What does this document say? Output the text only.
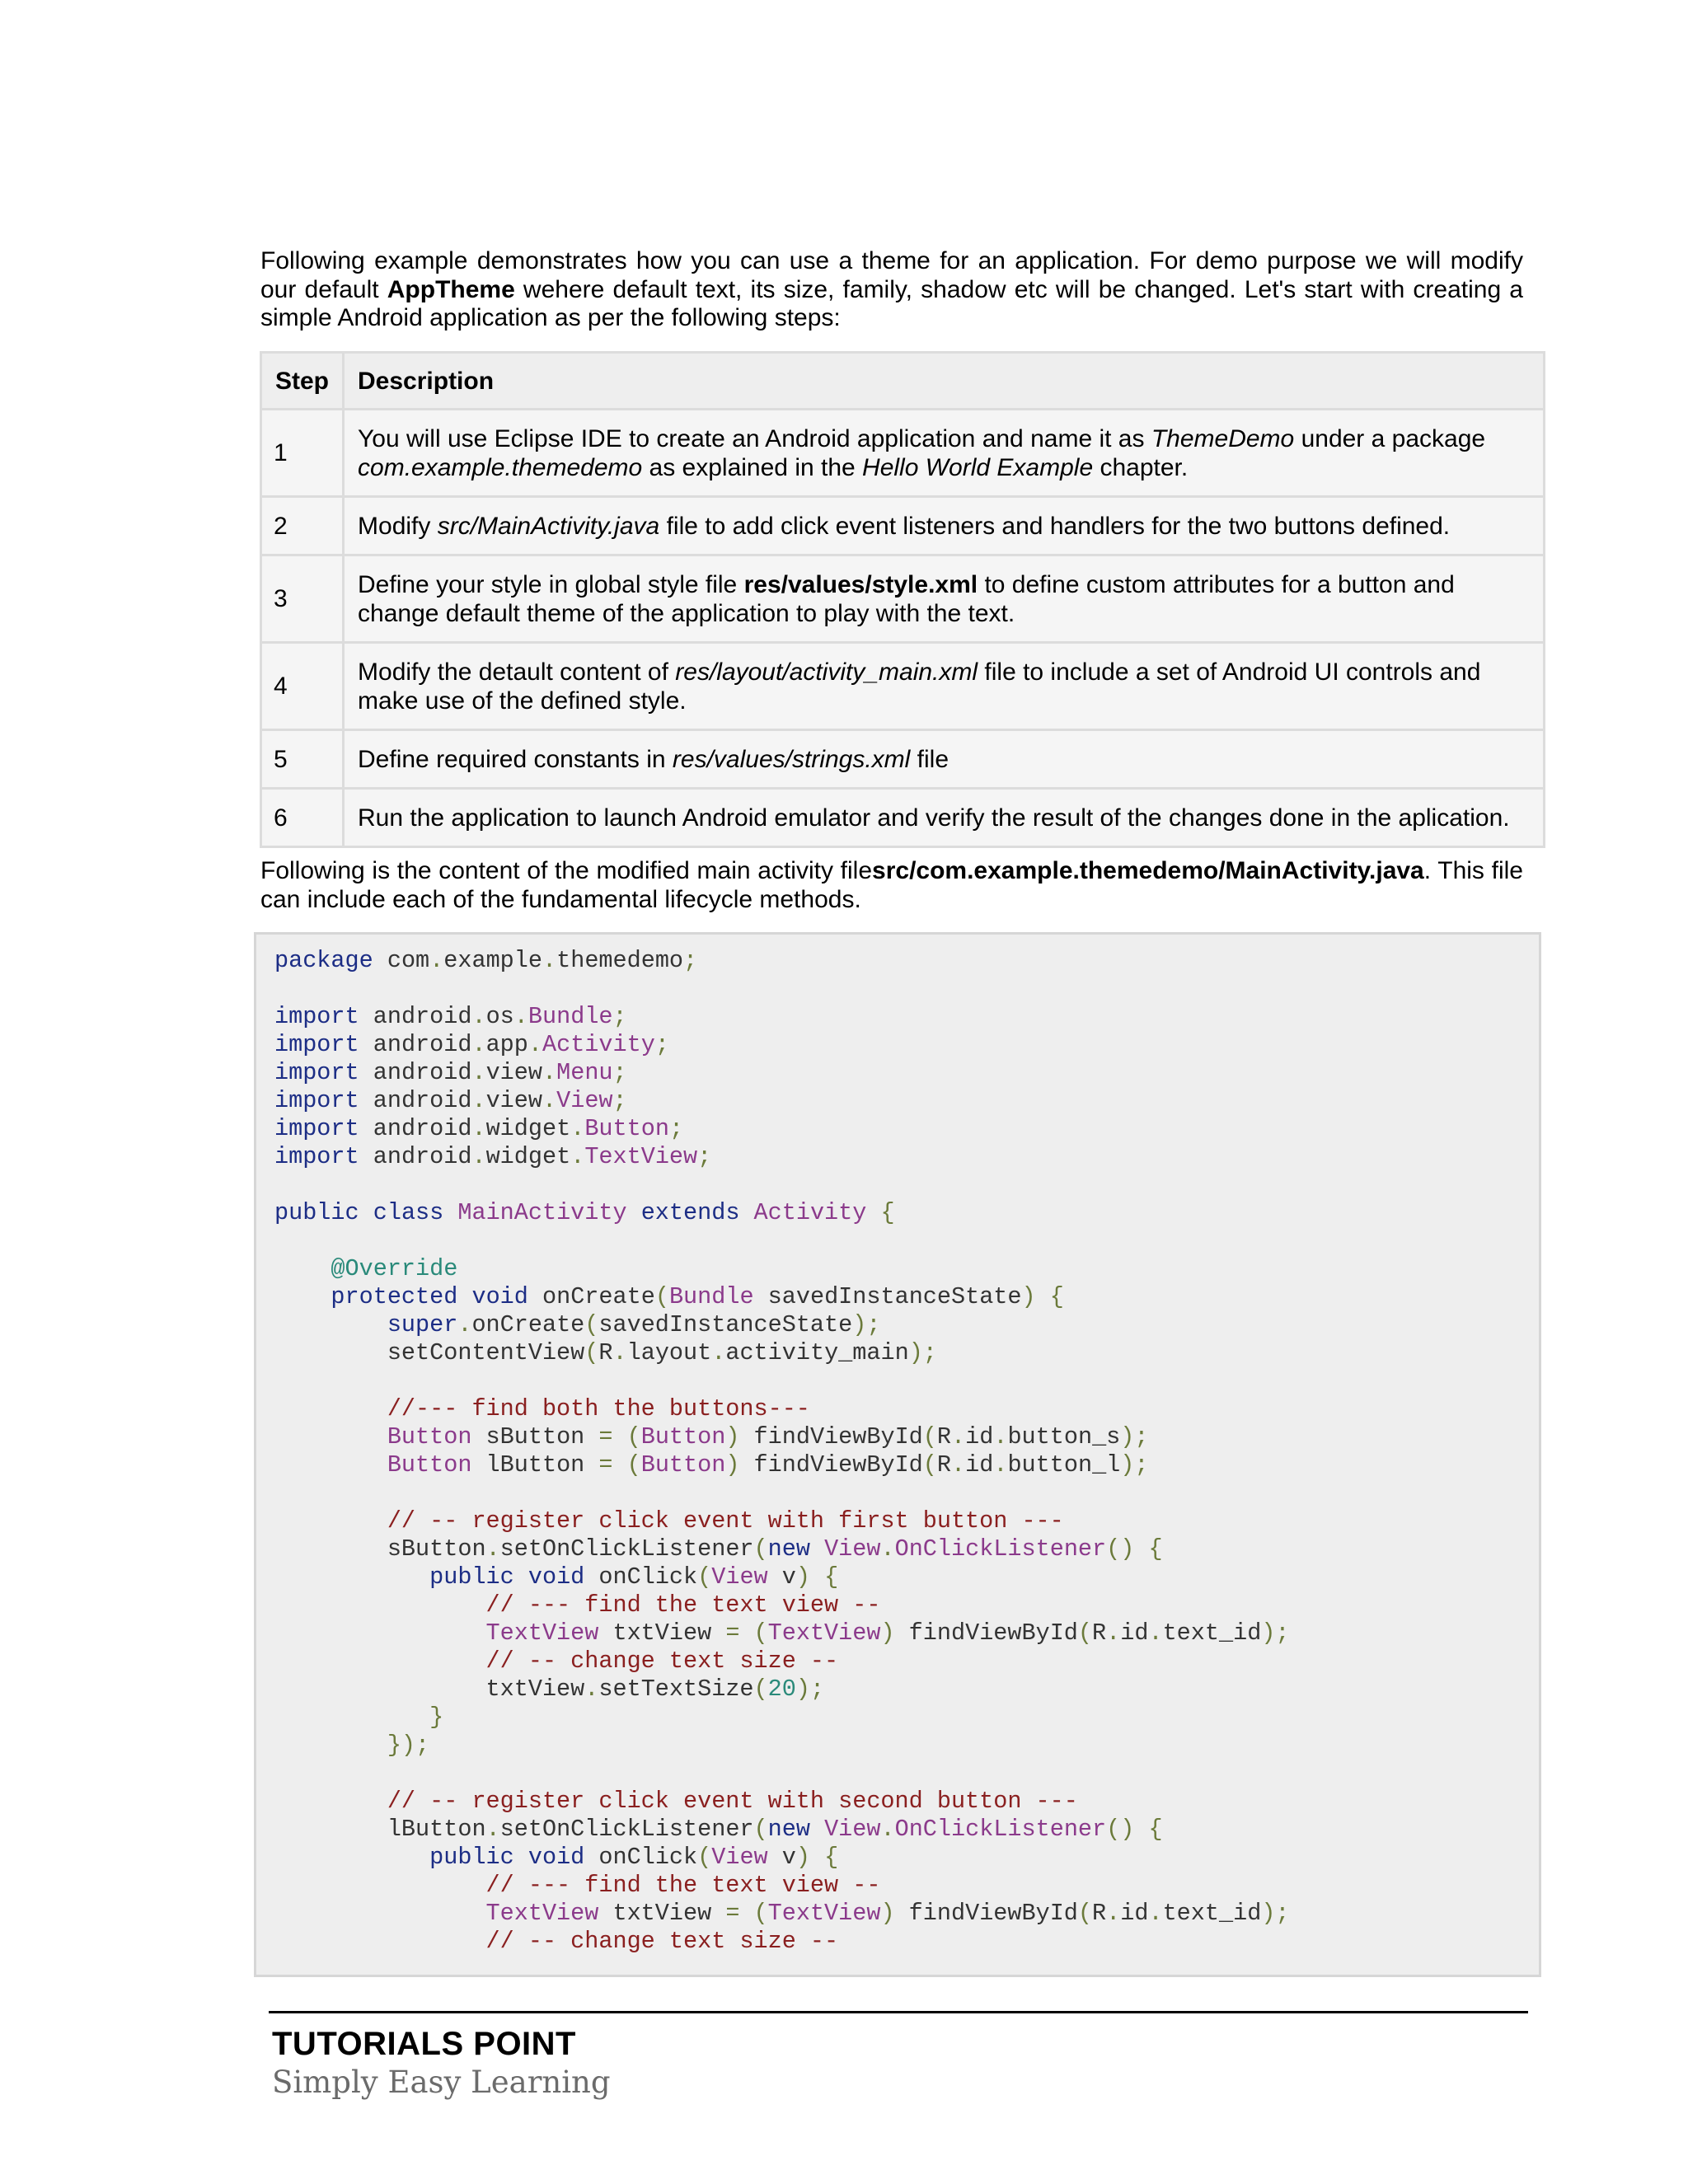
Following example demonstrates how you can use a theme for an application. For demo purpose we will modify our default AppTheme wehere default text, its size, family, shadow etc will be changed. Let's start with creating a simple Android application as per the following steps:

Step	Description
1	You will use Eclipse IDE to create an Android application and name it as ThemeDemo under a package com.example.themedemo as explained in the Hello World Example chapter.
2	Modify src/MainActivity.java file to add click event listeners and handlers for the two buttons defined.
3	Define your style in global style file res/values/style.xml to define custom attributes for a button and change default theme of the application to play with the text.
4	Modify the detault content of res/layout/activity_main.xml file to include a set of Android UI controls and make use of the defined style.
5	Define required constants in res/values/strings.xml file
6	Run the application to launch Android emulator and verify the result of the changes done in the aplication.

Following is the content of the modified main activity filesrc/com.example.themedemo/MainActivity.java. This file can include each of the fundamental lifecycle methods.

package com.example.themedemo;
import android.os.Bundle;
import android.app.Activity;
import android.view.Menu;
import android.view.View;
import android.widget.Button;
import android.widget.TextView;
public class MainActivity extends Activity {
@Override
protected void onCreate(Bundle savedInstanceState) {
super.onCreate(savedInstanceState);
setContentView(R.layout.activity_main);
//--- find both the buttons---
Button sButton = (Button) findViewById(R.id.button_s);
Button lButton = (Button) findViewById(R.id.button_l);
// -- register click event with first button ---
sButton.setOnClickListener(new View.OnClickListener() {
public void onClick(View v) {
// --- find the text view --
TextView txtView = (TextView) findViewById(R.id.text_id);
// -- change text size --
txtView.setTextSize(20);
}
});
// -- register click event with second button ---
lButton.setOnClickListener(new View.OnClickListener() {
public void onClick(View v) {
// --- find the text view --
TextView txtView = (TextView) findViewById(R.id.text_id);
// -- change text size --
TUTORIALS POINT
Simply Easy Learning
